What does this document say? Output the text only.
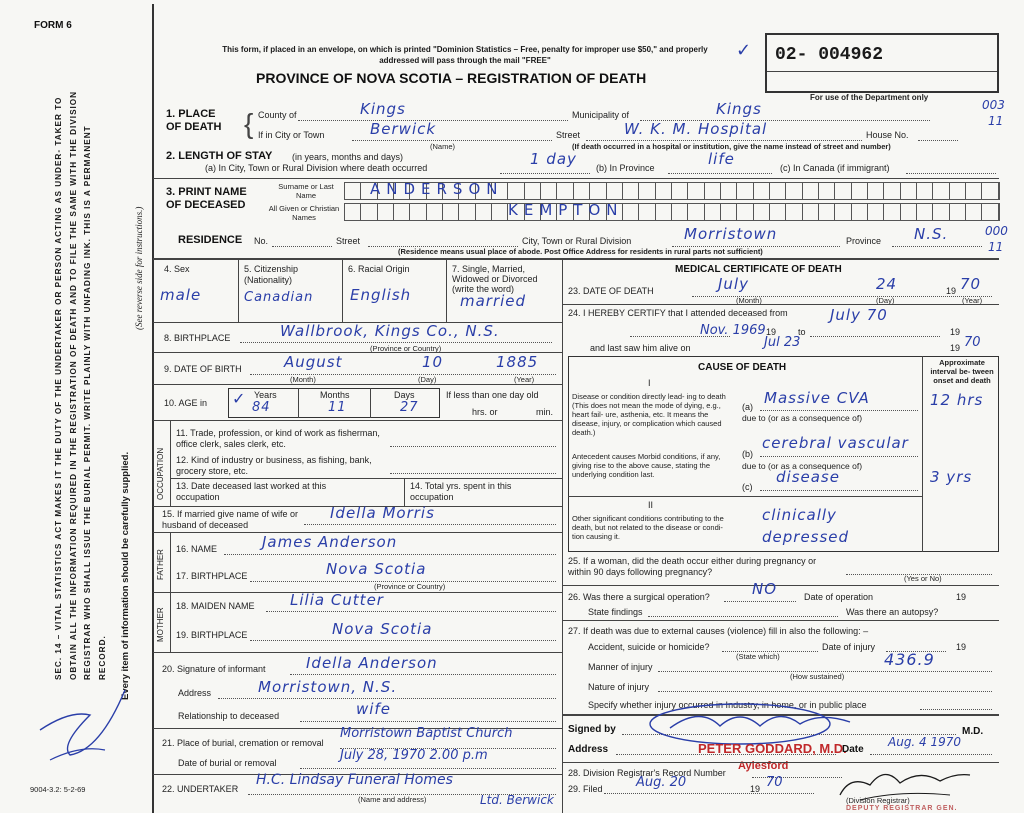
FORM 6
SEC. 14 – VITAL STATISTICS ACT MAKES IT THE DUTY OF THE UNDERTAKER OR PERSON ACTING AS UNDER- TAKER TO OBTAIN ALL THE INFORMATION REQUIRED IN THE REGISTRATION OF DEATH AND TO FILE THE SAME WITH THE DIVISION REGISTRAR WHO SHALL ISSUE THE BURIAL PERMIT. WRITE PLAINLY WITH UNFADING INK. THIS IS A PERMANENT RECORD.	Every item of information should be carefully supplied.
(See reverse side for instructions.)
9004-3.2: 5-2-69
This form, if placed in an envelope, on which is printed "Dominion Statistics – Free, penalty for improper use $50," and properly addressed will pass through the mail "FREE"
PROVINCE OF NOVA SCOTIA – REGISTRATION OF DEATH
✓ 02- 004962
For use of the Department only
003
11
000
11
1. PLACE OF DEATH { County of	Kings	Municipality of	Kings
If in City or Town	Berwick
(Name)
Street	W. K. M. Hospital	House No.
(If death occurred in a hospital or institution, give the name instead of street and number)
2. LENGTH OF STAY (in years, months and days)
(a) In City, Town or Rural Division where death occurred	1 day (b) In Province	life	(c) In Canada (if immigrant)
3. PRINT NAME OF DECEASED
Surname or Last Name
All Given or Christian Names
ANDERSON
KEMPTON
RESIDENCE No.	Street	City, Town or Rural Division	Morristown	Province N.S.
(Residence means usual place of abode. Post Office Address for residents in rural parts not sufficient)
4. Sex
male
5. Citizenship (Nationality)
Canadian
6. Racial Origin
English
7. Single, Married, Widowed or Divorced (write the word)
married
8. BIRTHPLACE	Wallbrook, Kings Co., N.S.
(Province or Country)
9. DATE OF BIRTH	August	10	1885
(Month)	(Day)	(Year)
10. AGE in ✓ Years
84
Months
11
Days
27
If less than one day old
hrs. or	min.
OCCUPATION
11. Trade, profession, or kind of work as fisherman, office clerk, sales clerk, etc.
12. Kind of industry or business, as fishing, bank, grocery store, etc.
13. Date deceased last worked at this occupation
14. Total yrs. spent in this occupation
15. If married give name of wife or husband of deceased
Idella Morris
FATHER
MOTHER
16. NAME	James Anderson
17. BIRTHPLACE	Nova Scotia
(Province or Country)
18. MAIDEN NAME Lilia Cutter
19. BIRTHPLACE	Nova Scotia
20. Signature of informant	Idella Anderson
Address	Morristown, N.S.
Relationship to deceased	wife
21. Place of burial, cremation or removal
Morristown Baptist Church
Date of burial or removal	July 28, 1970 2.00 p.m
22. UNDERTAKER
H.C. Lindsay Funeral Homes
Ltd. Berwick
(Name and address)
MEDICAL CERTIFICATE OF DEATH
23. DATE OF DEATH	July	24	19 70
(Month)	(Day)	(Year)
24. I HEREBY CERTIFY that I attended deceased from
Nov. 1969 19 to
July 70
19
and last saw him alive on	Jul 23	19 70
CAUSE OF DEATH	Approximate interval be- tween onset and death
I
Disease or condition directly lead- ing to death (This does not mean the mode of dying, e.g., heart fail- ure, asthenia, etc. It means the disease, injury, or complication which caused death.)
(a) Massive CVA	12 hrs
due to (or as a consequence of)
Antecedent causes Morbid conditions, if any, giving rise to the above cause, stating the underlying condition last.
(b)
cerebral vascular
due to (or as a consequence of)
(c)
disease	3 yrs
II
Other significant conditions contributing to the death, but not related to the disease or condi- tion causing it.
clinically depressed
25. If a woman, did the death occur either during pregnancy or within 90 days following pregnancy?
(Yes or No)
26. Was there a surgical operation?	NO	Date of operation	19
State findings	Was there an autopsy?
27. If death was due to external causes (violence) fill in also the following: –
Accident, suicide or homicide?	Date of injury	19
(State which)
Manner of injury	436.9
(How sustained)
Nature of injury
Specify whether injury occurred in Industry, in home, or in public place
Signed by	M.D.
Address	PETER GODDARD, M.D.
Aylesford
Date
Aug. 4 1970
28. Division Registrar's Record Number
29. Filed	Aug. 20	19 70
(Division Registrar)
DEPUTY REGISTRAR GEN.
